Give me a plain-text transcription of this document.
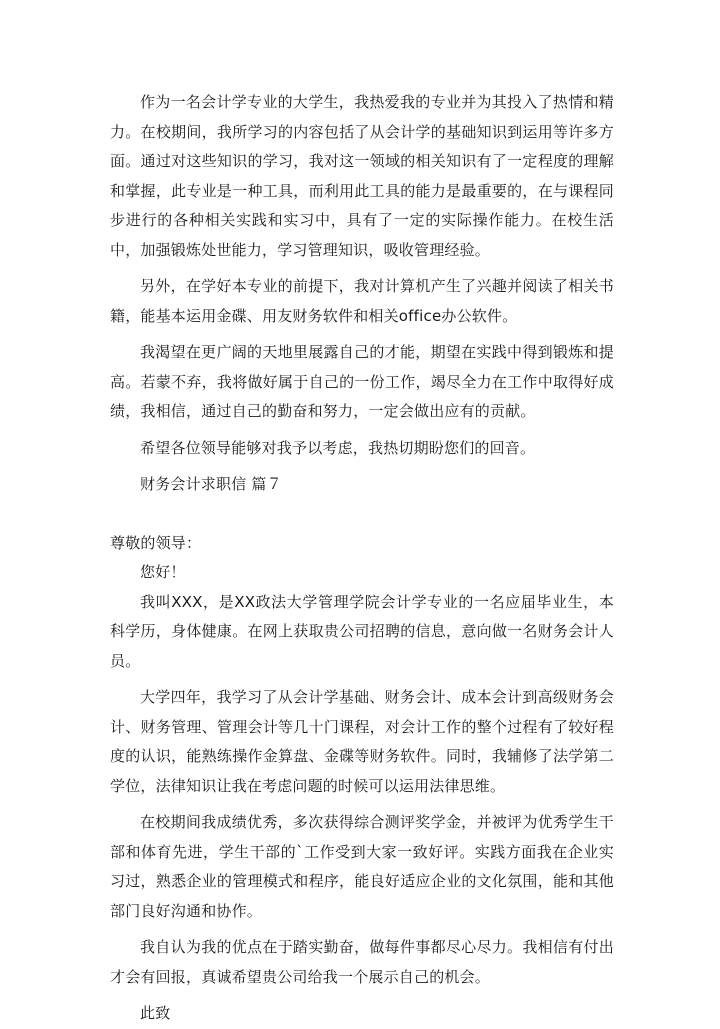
作为一名会计学专业的大学生，我热爱我的专业并为其投入了热情和精力。在校期间，我所学习的内容包括了从会计学的基础知识到运用等许多方面。通过对这些知识的学习，我对这一领域的相关知识有了一定程度的理解和掌握，此专业是一种工具，而利用此工具的能力是最重要的，在与课程同步进行的各种相关实践和实习中，具有了一定的实际操作能力。在校生活中，加强锻炼处世能力，学习管理知识，吸收管理经验。

另外，在学好本专业的前提下，我对计算机产生了兴趣并阅读了相关书籍，能基本运用金碟、用友财务软件和相关office办公软件。

我渴望在更广阔的天地里展露自己的才能，期望在实践中得到锻炼和提高。若蒙不弃，我将做好属于自己的一份工作，竭尽全力在工作中取得好成绩，我相信，通过自己的勤奋和努力，一定会做出应有的贡献。

希望各位领导能够对我予以考虑，我热切期盼您们的回音。

财务会计求职信 篇７

尊敬的领导：

您好！

我叫XXX，是XX政法大学管理学院会计学专业的一名应届毕业生，本科学历，身体健康。在网上获取贵公司招聘的信息，意向做一名财务会计人员。

大学四年，我学习了从会计学基础、财务会计、成本会计到高级财务会计、财务管理、管理会计等几十门课程，对会计工作的整个过程有了较好程度的认识，能熟练操作金算盘、金碟等财务软件。同时，我辅修了法学第二学位，法律知识让我在考虑问题的时候可以运用法律思维。

在校期间我成绩优秀，多次获得综合测评奖学金，并被评为优秀学生干部和体育先进，学生干部的`工作受到大家一致好评。实践方面我在企业实习过，熟悉企业的管理模式和程序，能良好适应企业的文化氛围，能和其他部门良好沟通和协作。

我自认为我的优点在于踏实勤奋，做每件事都尽心尽力。我相信有付出才会有回报，真诚希望贵公司给我一个展示自己的机会。

此致
